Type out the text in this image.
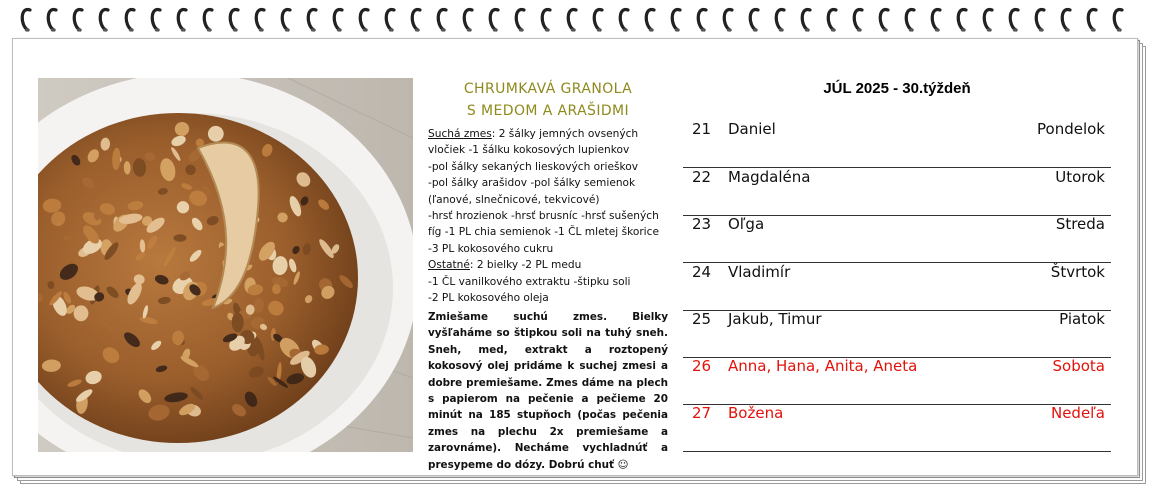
CHRUMKAVÁ GRANOLA
S MEDOM A ARAŠIDMI
Suchá zmes: 2 šálky jemných ovsených
vločiek -1 šálku kokosových lupienkov
-pol šálky sekaných lieskových orieškov
-pol šálky arašidov -pol šálky semienok
(ľanové, slnečnicové, tekvicové)
-hrsť hrozienok -hrsť brusníc -hrsť sušených
fíg -1 PL chia semienok -1 ČL mletej škorice
-3 PL kokosového cukru
Ostatné: 2 bielky -2 PL medu
-1 ČL vanilkového extraktu -štipku soli
-2 PL kokosového oleja
Zmiešame suchú zmes. Bielky vyšľaháme so štipkou soli na tuhý sneh. Sneh, med, extrakt a roztopený kokosový olej pridáme k suchej zmesi a dobre premiešame. Zmes dáme na plech s papierom na pečenie a pečieme 20 minút na 185 stupňoch (počas pečenia zmes na plechu 2x premiešame a zarovnáme). Necháme vychladnúť a presypeme do dózy. Dobrú chuť ☺
JÚL 2025 - 30.týždeň
21 Daniel	Pondelok
22 Magdaléna	Utorok
23 Oľga	Streda
24 Vladimír	Štvrtok
25 Jakub, Timur	Piatok
26 Anna, Hana, Anita, Aneta	Sobota
27 Božena	Nedeľa
